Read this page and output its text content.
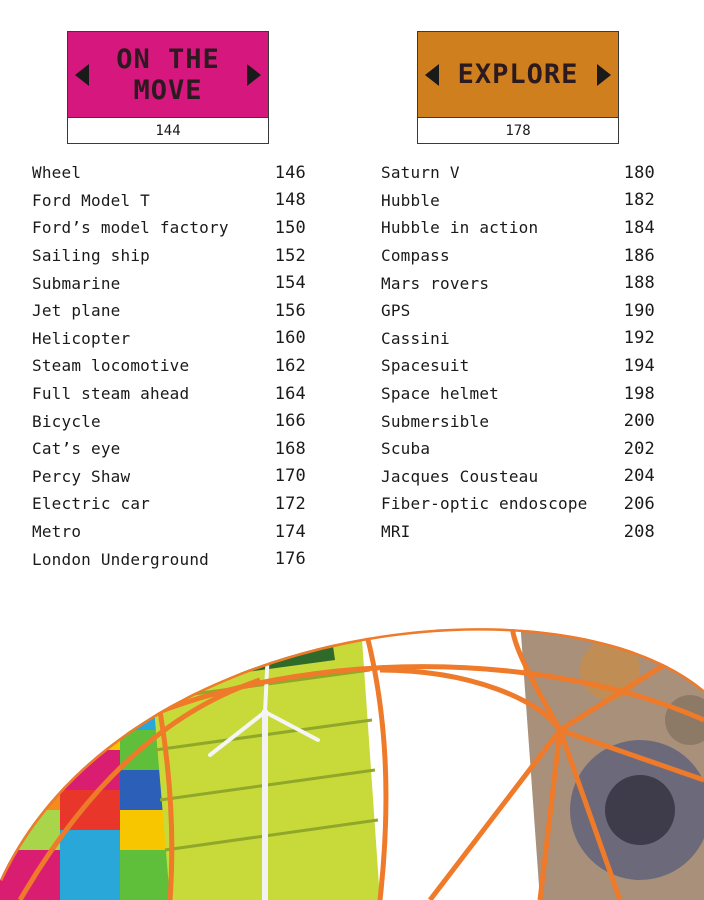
ON THE
MOVE
144
EXPLORE
178
Wheel	146
Ford Model T	148
Ford’s model factory	150
Sailing ship	152
Submarine	154
Jet plane	156
Helicopter	160
Steam locomotive	162
Full steam ahead	164
Bicycle	166
Cat’s eye	168
Percy Shaw	170
Electric car	172
Metro	174
London Underground	176
Saturn V	180
Hubble	182
Hubble in action	184
Compass	186
Mars rovers	188
GPS	190
Cassini	192
Spacesuit	194
Space helmet	198
Submersible	200
Scuba	202
Jacques Cousteau	204
Fiber-optic endoscope 206
MRI	208
